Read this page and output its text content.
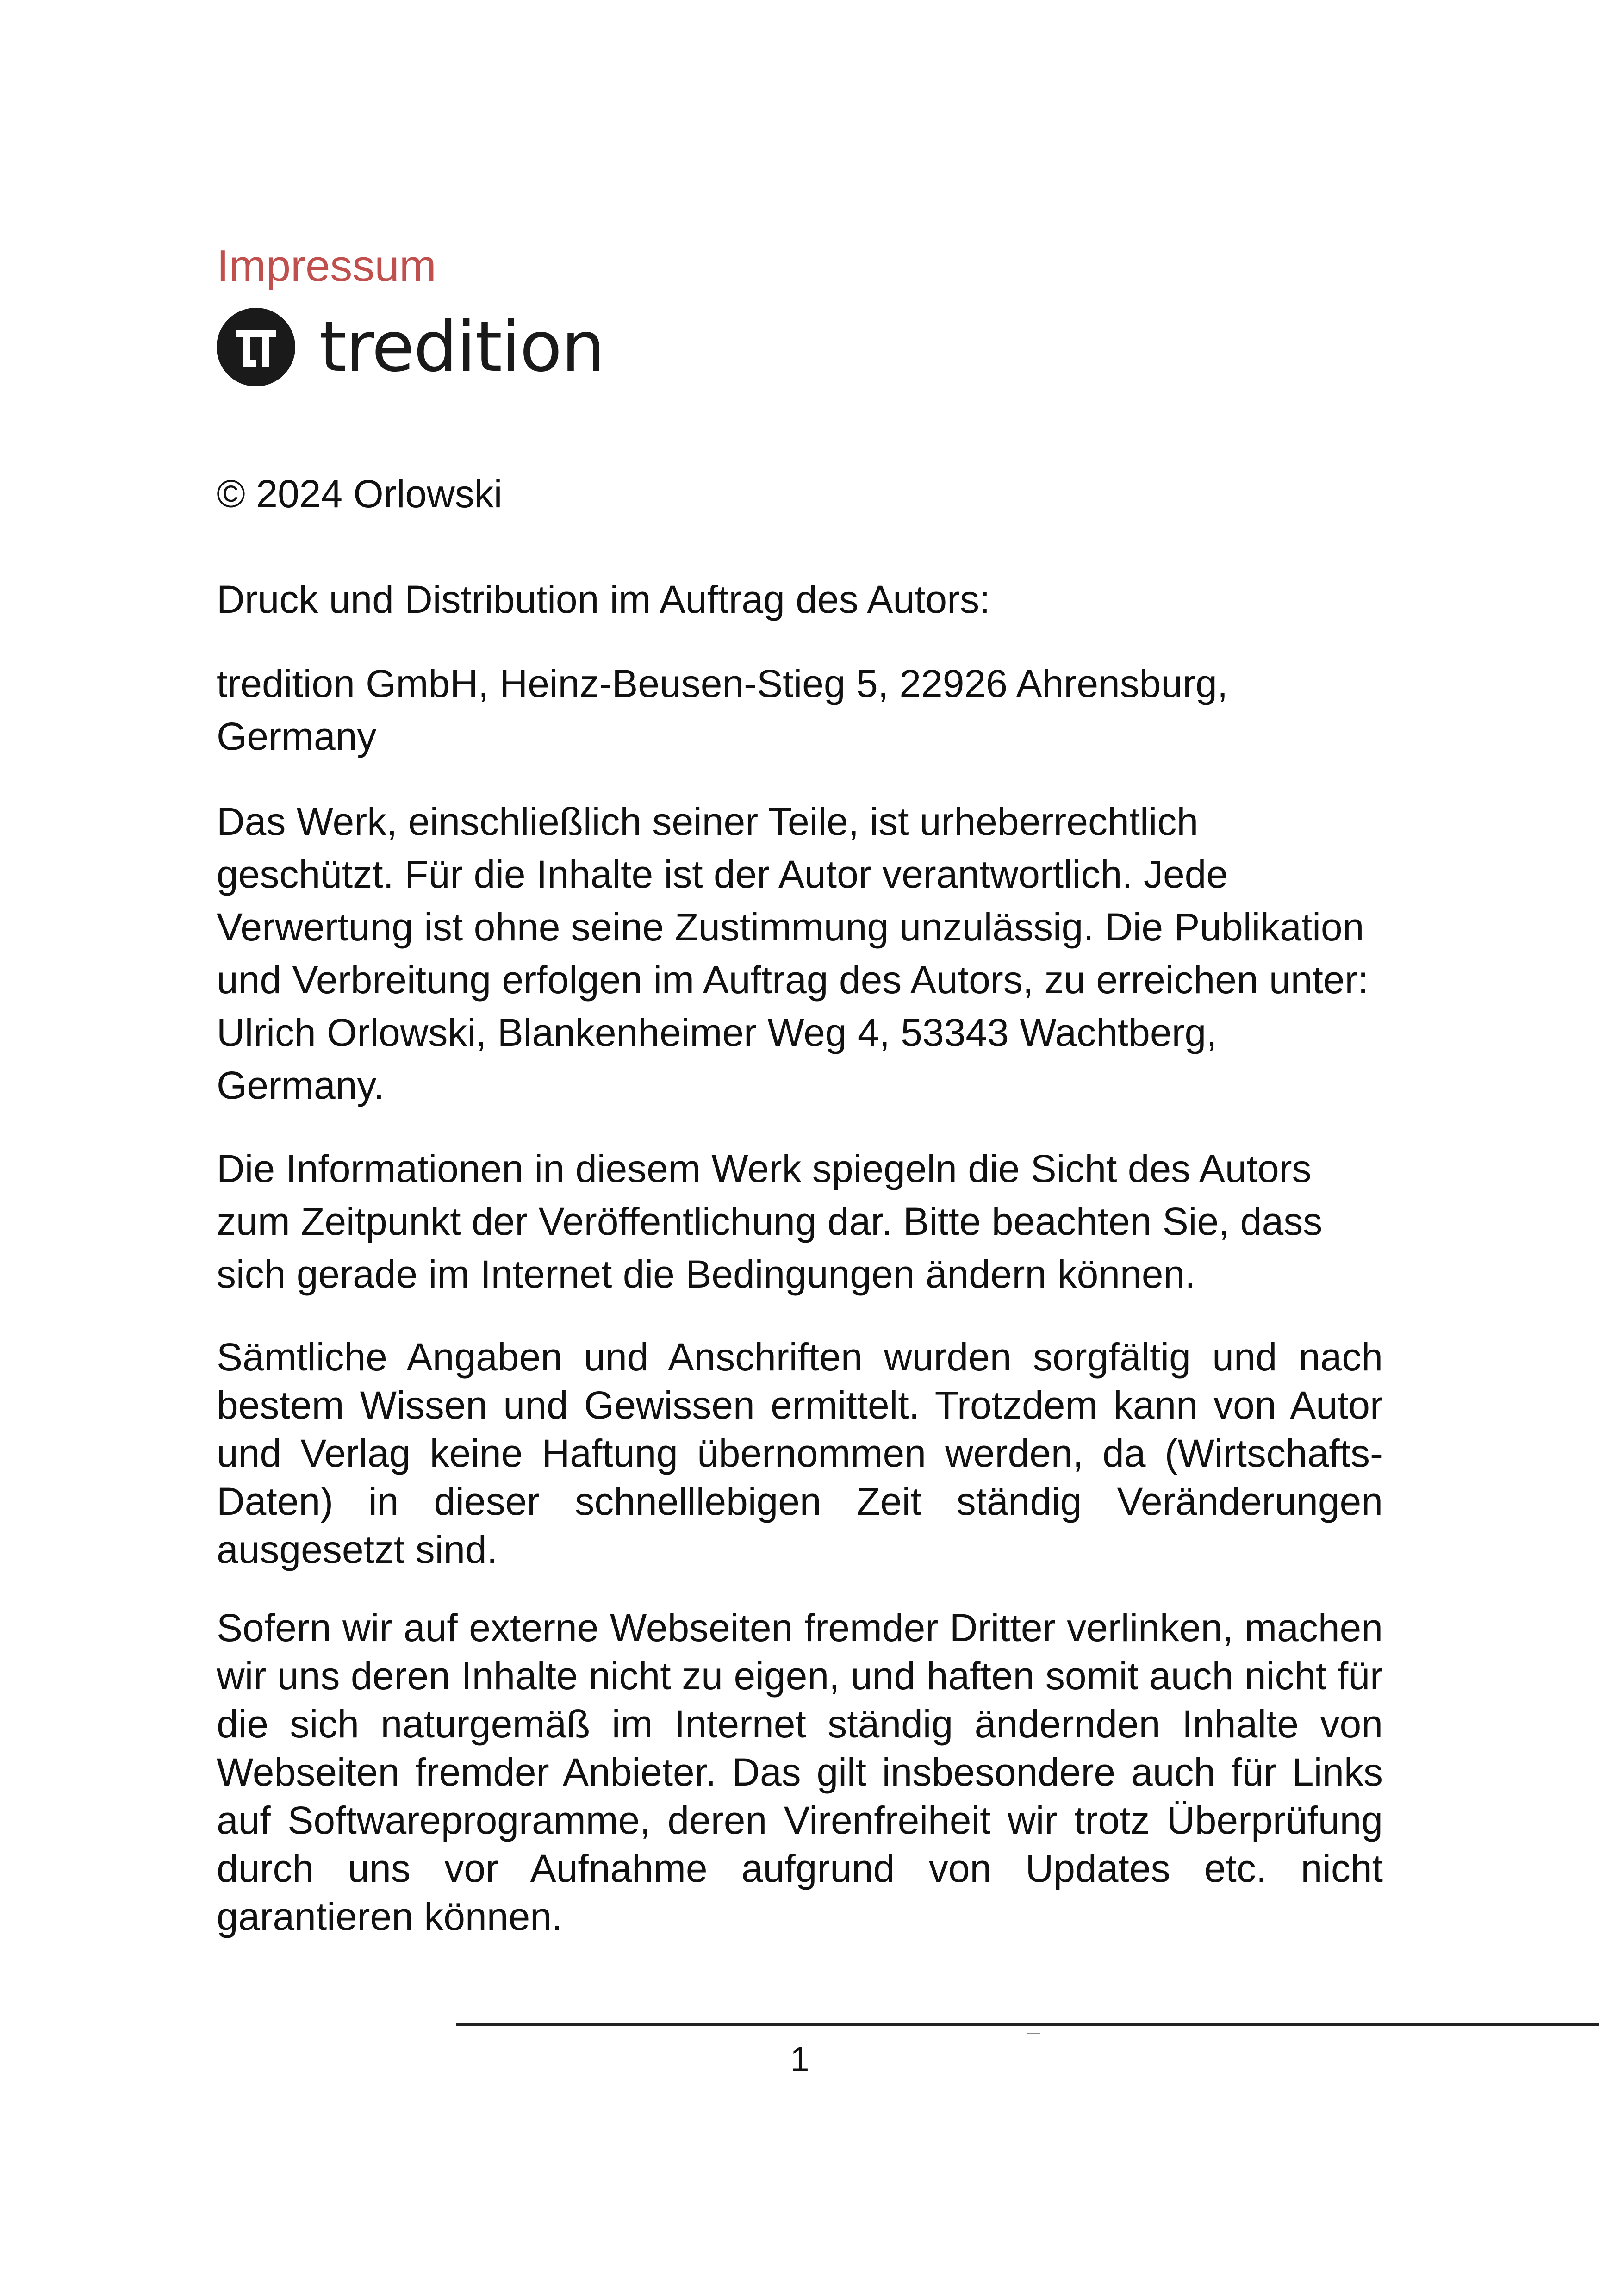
Impressum
tredition

© 2024 Orlowski

Druck und Distribution im Auftrag des Autors:

tredition GmbH, Heinz-Beusen-Stieg 5, 22926 Ahrensburg, Germany

Das Werk, einschließlich seiner Teile, ist urheberrechtlich geschützt. Für die Inhalte ist der Autor verantwortlich. Jede Verwertung ist ohne seine Zustimmung unzulässig. Die Publikation und Verbreitung erfolgen im Auftrag des Autors, zu erreichen unter: Ulrich Orlowski, Blankenheimer Weg 4, 53343 Wachtberg, Germany.

Die Informationen in diesem Werk spiegeln die Sicht des Autors zum Zeitpunkt der Veröffentlichung dar. Bitte beachten Sie, dass sich gerade im Internet die Bedingungen ändern können.

Sämtliche Angaben und Anschriften wurden sorgfältig und nach bestem Wissen und Gewissen ermittelt. Trotzdem kann von Autor und Verlag keine Haftung übernommen werden, da (Wirtschafts-Daten) in dieser schnelllebigen Zeit ständig Veränderungen ausgesetzt sind.

Sofern wir auf externe Webseiten fremder Dritter verlinken, machen wir uns deren Inhalte nicht zu eigen, und haften somit auch nicht für die sich naturgemäß im Internet ständig ändernden Inhalte von Webseiten fremder Anbieter. Das gilt insbesondere auch für Links auf Softwareprogramme, deren Virenfreiheit wir trotz Überprüfung durch uns vor Aufnahme aufgrund von Updates etc. nicht garantieren können.

1
